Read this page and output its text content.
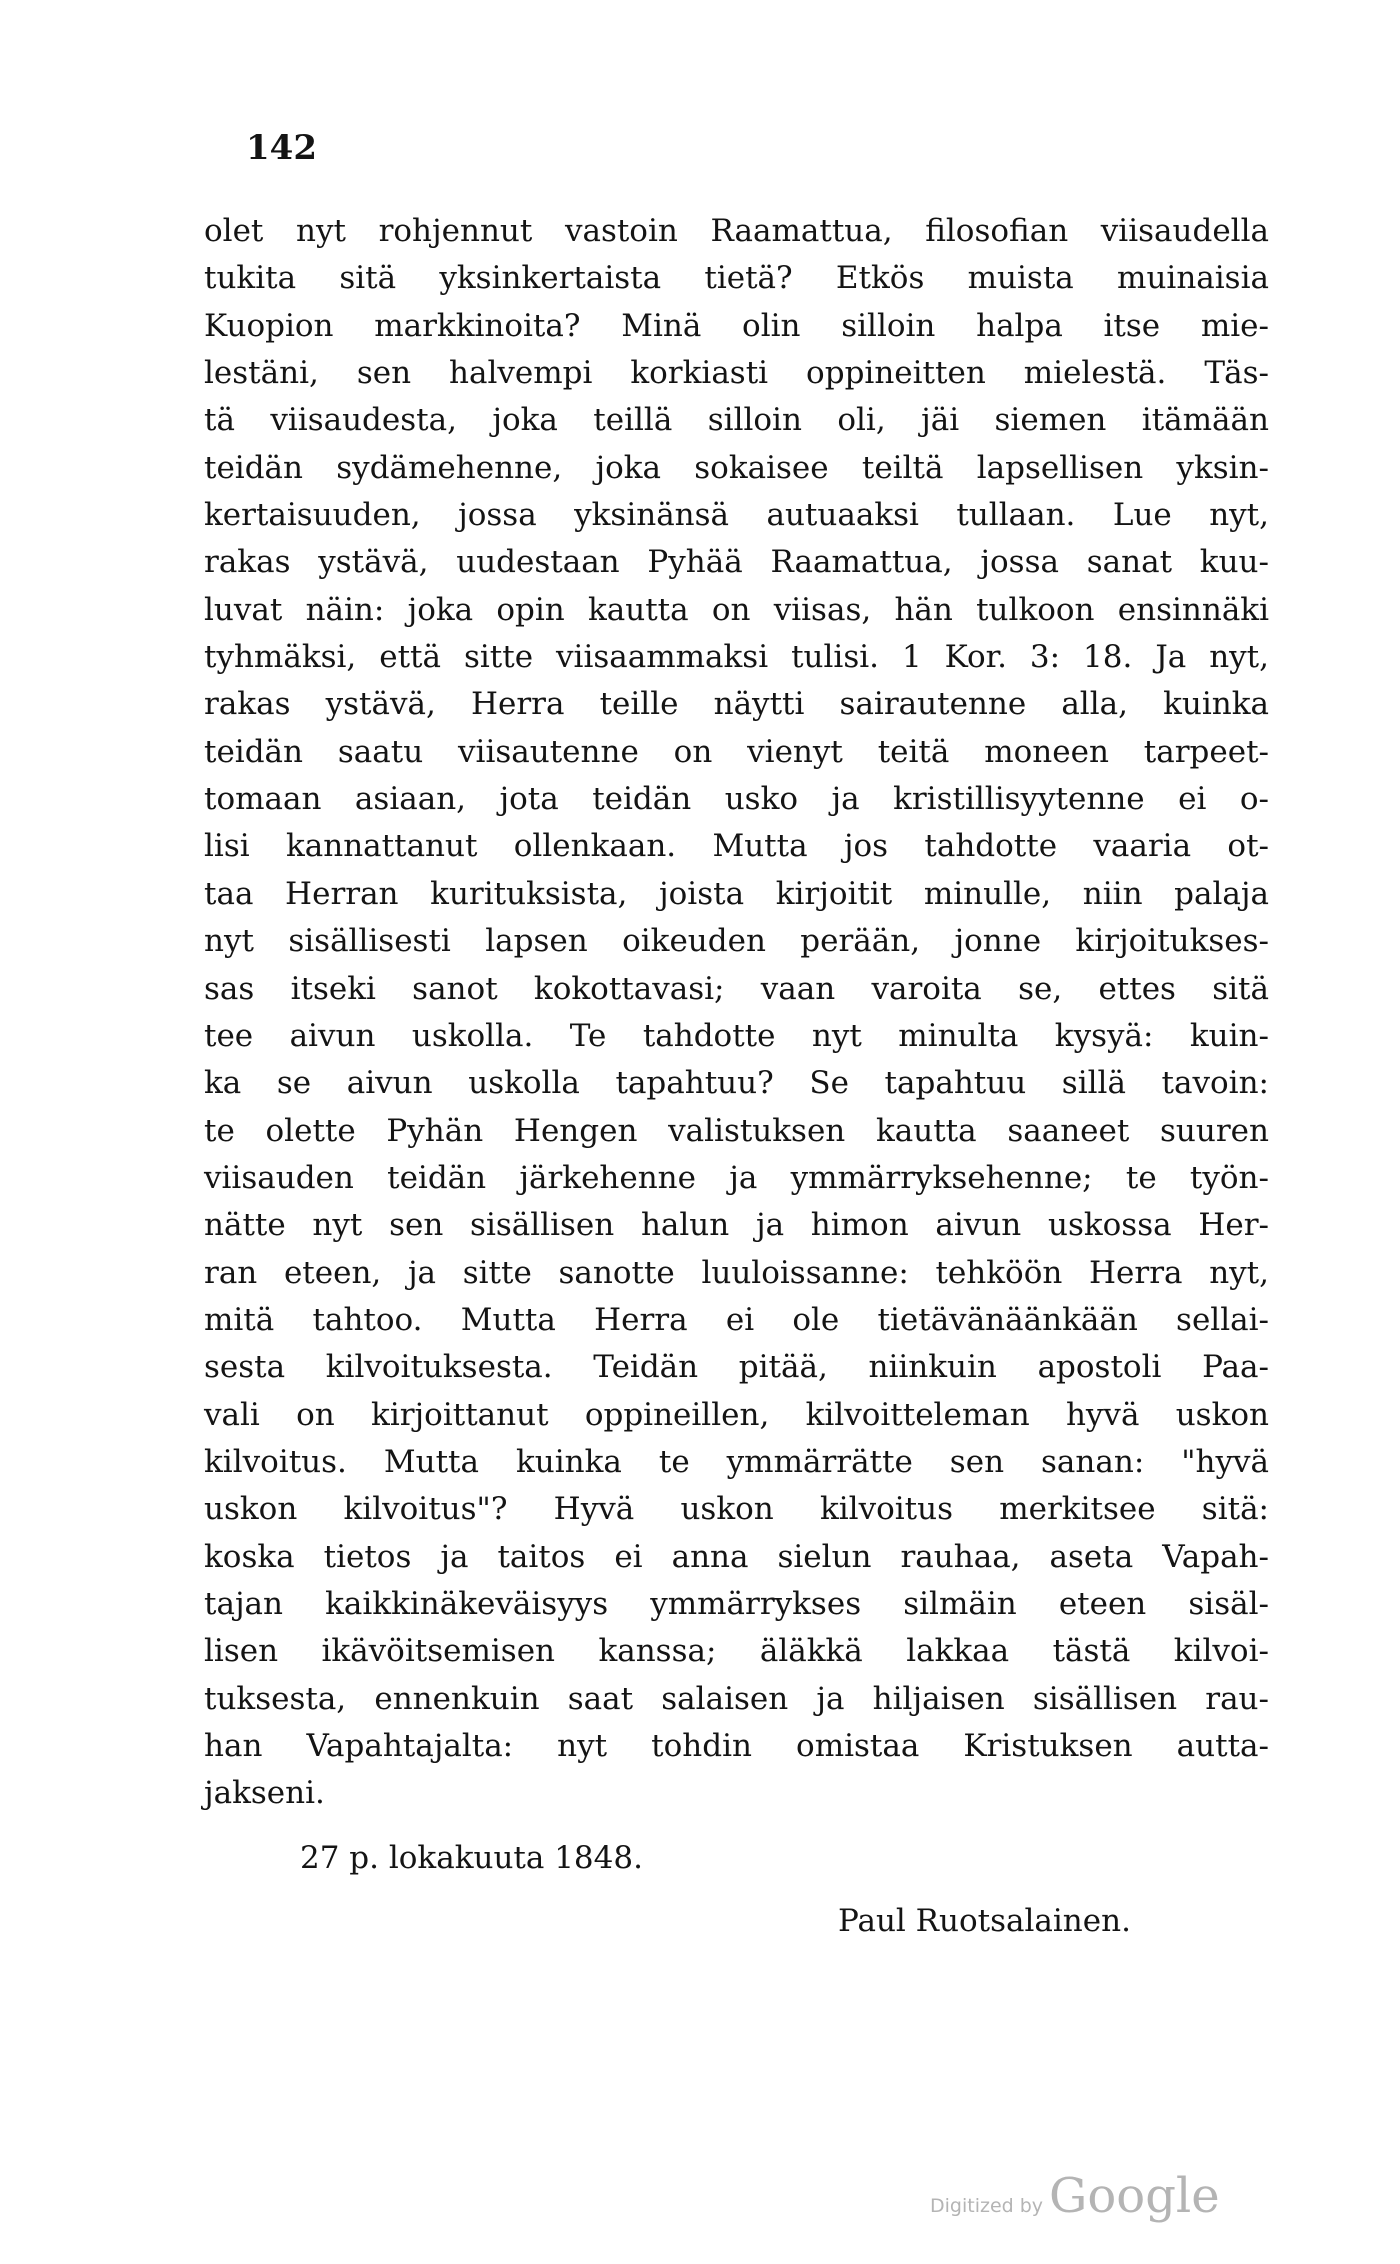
142
olet nyt rohjennut vastoin Raamattua, filosofian viisaudella
tukita sitä yksinkertaista tietä? Etkös muista muinaisia
Kuopion markkinoita? Minä olin silloin halpa itse mie-
lestäni, sen halvempi korkiasti oppineitten mielestä. Täs-
tä viisaudesta, joka teillä silloin oli, jäi siemen itämään
teidän sydämehenne, joka sokaisee teiltä lapsellisen yksin-
kertaisuuden, jossa yksinänsä autuaaksi tullaan. Lue nyt,
rakas ystävä, uudestaan Pyhää Raamattua, jossa sanat kuu-
luvat näin: joka opin kautta on viisas, hän tulkoon ensinnäki
tyhmäksi, että sitte viisaammaksi tulisi. 1 Kor. 3: 18. Ja nyt,
rakas ystävä, Herra teille näytti sairautenne alla, kuinka
teidän saatu viisautenne on vienyt teitä moneen tarpeet-
tomaan asiaan, jota teidän usko ja kristillisyytenne ei o-
lisi kannattanut ollenkaan. Mutta jos tahdotte vaaria ot-
taa Herran kurituksista, joista kirjoitit minulle, niin palaja
nyt sisällisesti lapsen oikeuden perään, jonne kirjoitukses-
sas itseki sanot kokottavasi; vaan varoita se, ettes sitä
tee aivun uskolla. Te tahdotte nyt minulta kysyä: kuin-
ka se aivun uskolla tapahtuu? Se tapahtuu sillä tavoin:
te olette Pyhän Hengen valistuksen kautta saaneet suuren
viisauden teidän järkehenne ja ymmärryksehenne; te työn-
nätte nyt sen sisällisen halun ja himon aivun uskossa Her-
ran eteen, ja sitte sanotte luuloissanne: tehköön Herra nyt,
mitä tahtoo. Mutta Herra ei ole tietävänäänkään sellai-
sesta kilvoituksesta. Teidän pitää, niinkuin apostoli Paa-
vali on kirjoittanut oppineillen, kilvoitteleman hyvä uskon
kilvoitus. Mutta kuinka te ymmärrätte sen sanan: "hyvä
uskon kilvoitus"? Hyvä uskon kilvoitus merkitsee sitä:
koska tietos ja taitos ei anna sielun rauhaa, aseta Vapah-
tajan kaikkinäkeväisyys ymmärrykses silmäin eteen sisäl-
lisen ikävöitsemisen kanssa; äläkkä lakkaa tästä kilvoi-
tuksesta, ennenkuin saat salaisen ja hiljaisen sisällisen rau-
han Vapahtajalta: nyt tohdin omistaa Kristuksen autta-
jakseni.
27 p. lokakuuta 1848.
Paul Ruotsalainen.
Digitized by Google
